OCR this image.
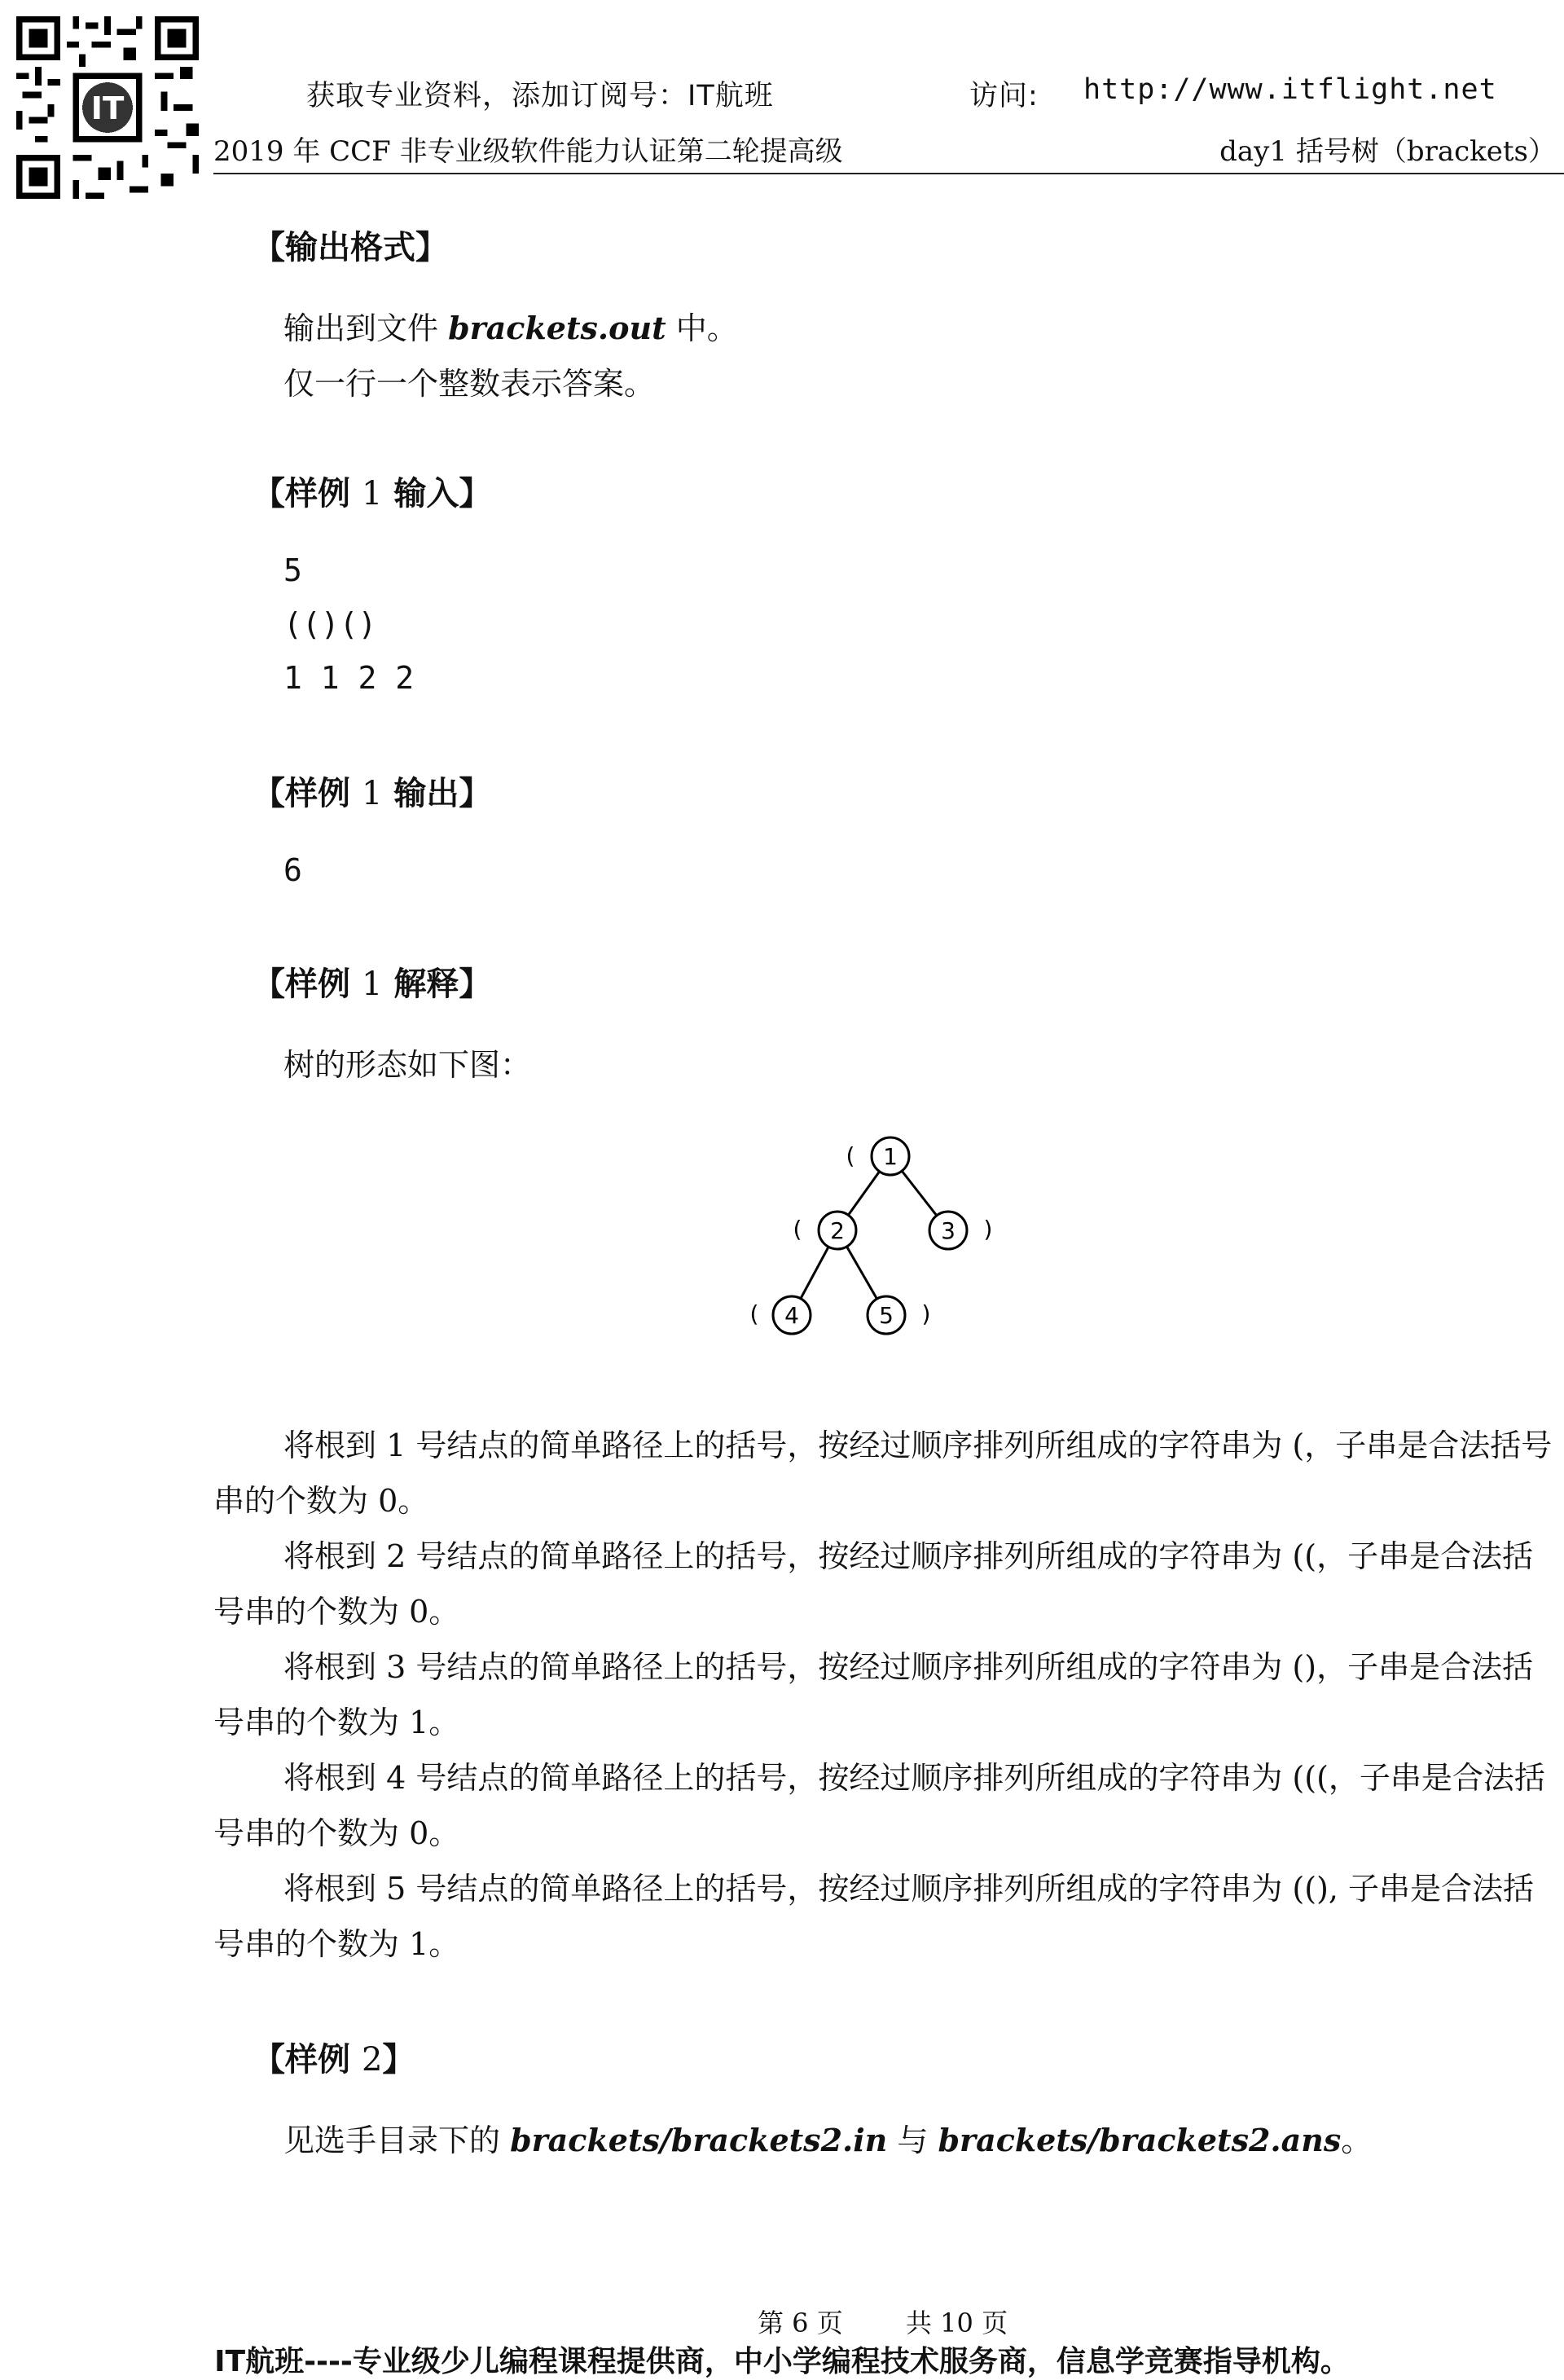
IT	获取专业资料，添加订阅号：IT航班	访问: http://www.itflight.net
2019 年 CCF 非专业级软件能力认证第二轮提高级	day1 括号树（brackets）
【输出格式】
输出到文件 brackets.out 中。
仅一行一个整数表示答案。
【样例 1 输入】
5
(()()
1 1 2 2
【样例 1 输出】
6
【样例 1 解释】
树的形态如下图：
1
2	3
4	5
(
(	)
(	)
将根到 1 号结点的简单路径上的括号，按经过顺序排列所组成的字符串为 (，子串是合法括号串的个数为 0。
将根到 2 号结点的简单路径上的括号，按经过顺序排列所组成的字符串为 ((，子串是合法括号串的个数为 0。
将根到 3 号结点的简单路径上的括号，按经过顺序排列所组成的字符串为 ()，子串是合法括号串的个数为 1。
将根到 4 号结点的简单路径上的括号，按经过顺序排列所组成的字符串为 (((，子串是合法括号串的个数为 0。
将根到 5 号结点的简单路径上的括号，按经过顺序排列所组成的字符串为 ((), 子串是合法括号串的个数为 1。
【样例 2】
见选手目录下的 brackets/brackets2.in 与 brackets/brackets2.ans。
第 6 页 共 10 页
IT航班----专业级少儿编程课程提供商，中小学编程技术服务商，信息学竞赛指导机构。
